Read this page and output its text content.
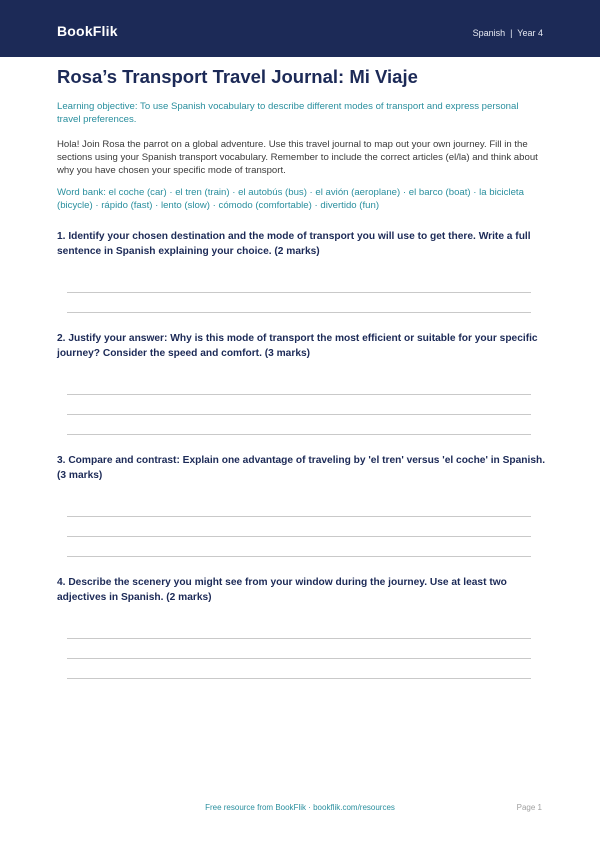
BookFlik	Spanish | Year 4
Rosa’s Transport Travel Journal: Mi Viaje
Learning objective: To use Spanish vocabulary to describe different modes of transport and express personal travel preferences.
Hola! Join Rosa the parrot on a global adventure. Use this travel journal to map out your own journey. Fill in the sections using your Spanish transport vocabulary. Remember to include the correct articles (el/la) and think about why you have chosen your specific mode of transport.
Word bank: el coche (car) · el tren (train) · el autobús (bus) · el avión (aeroplane) · el barco (boat) · la bicicleta (bicycle) · rápido (fast) · lento (slow) · cómodo (comfortable) · divertido (fun)
1. Identify your chosen destination and the mode of transport you will use to get there. Write a full sentence in Spanish explaining your choice. (2 marks)
2. Justify your answer: Why is this mode of transport the most efficient or suitable for your specific journey? Consider the speed and comfort. (3 marks)
3. Compare and contrast: Explain one advantage of traveling by 'el tren' versus 'el coche' in Spanish. (3 marks)
4. Describe the scenery you might see from your window during the journey. Use at least two adjectives in Spanish. (2 marks)
Free resource from BookFlik · bookflik.com/resources	Page 1
